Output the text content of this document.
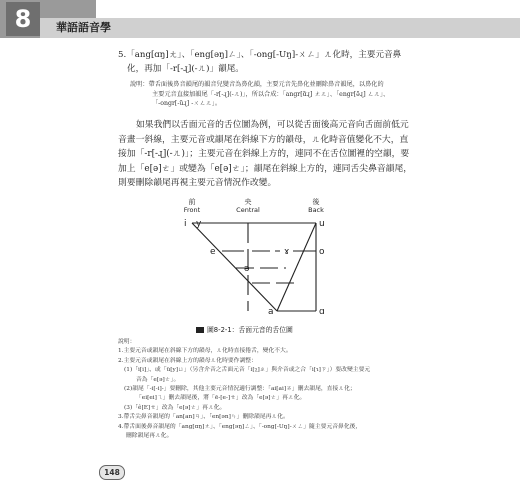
8	華語語音學
5.「ang[ɑŋ]ㄤ」、「eng[əŋ]ㄥ」、「-ong[-Uŋ]-ㄨㄥ」ㄦ化時，主要元音鼻
化，再加「-r[-ɻ](-ㄦ)」韻尾。
說明：帶舌面後鼻音韻尾的韻音兒變音為鼻化韻，主要元音先鼻化並刪除鼻音韻尾，以鼻化的
主要元音直接加韻尾「-r[-ɻ](-ㄦ)」，所以合成：「angr[ɑ̃ɻ] ㄤㄦ」、「engr[ə̃ɻ] ㄥㄦ」、
「-ongr[-ũɻ] -ㄨㄥㄦ」。
如果我們以舌面元音的舌位圖為例，可以從舌面後高元音向舌面前低元
音畫一斜線，主要元音或韻尾在斜線下方的韻母，ㄦ化時音值變化不大，直
接加「-r[-ɻ](-ㄦ)」；主要元音在斜線上方的，連同不在舌位圖裡的空韻，要
加上「e[ə]ㄜ」或變為「e[ə]ㄜ」；韻尾在斜線上方的，連同舌尖鼻音韻尾，
則要刪除韻尾再視主要元音情況作改變。
前
Front
央
Central
後
Back
i y	u
e	ɤ	o
ə
a	ɑ
圖8-2-1：舌面元音的舌位圖
說明：
1.主要元音或韻尾在斜線下方的韻母，ㄦ化時直接捲舌，變化不大。
2.主要元音或韻尾在斜線上方的韻母ㄦ化時要作調整：
(1)「i[i]」、或「ü[y]ㄩ」（另含介音之舌面元音「i[ʅ]ㄓ」與介音或之合「i[ɿ]ㄗ」）要改變主要元
音為「e[ə]ㄜ」。
(2)韻尾「-i[-i]-」要刪除，其他主要元音情況適行調整：「ai[ai]ㄞ」刪去韻尾，直接ㄦ化；
「ei[ei]ㄟ」刪去韻尾後，將「ē-[e-]ㄝ」改為「e[ə]ㄜ」再ㄦ化。
(3)「ê[E]ㄝ」改為「e[ə]ㄜ」再ㄦ化。
3.帶舌尖鼻音韻尾的「an[an]ㄢ」、「en[ən]ㄣ」刪除韻尾再ㄦ化。
4.帶舌面後鼻音韻尾的「ang[ɑŋ]ㄤ」、「eng[əŋ]ㄥ」、「-ong[-Uŋ]-ㄨㄥ」隨主要元音鼻化後，
刪除韻尾再ㄦ化。
148
